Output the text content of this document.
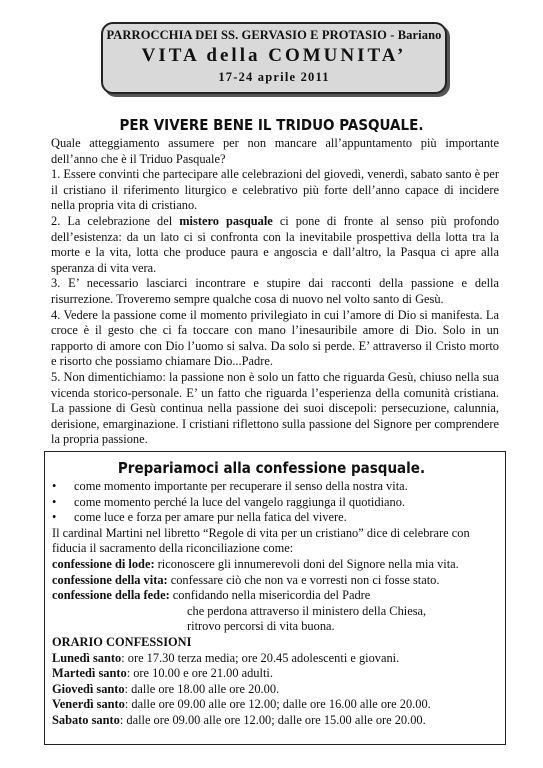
PARROCCHIA DEI SS. GERVASIO E PROTASIO - Bariano
VITA della COMUNITA’
17-24 aprile 2011
PER VIVERE BENE IL TRIDUO PASQUALE.
Quale atteggiamento assumere per non mancare all’appuntamento più importante dell’anno che è il Triduo Pasquale?
1. Essere convinti che partecipare alle celebrazioni del giovedì, venerdì, sabato santo è per il cristiano il riferimento liturgico e celebrativo più forte dell’anno capace di incidere nella propria vita di cristiano.
2. La celebrazione del mistero pasquale ci pone di fronte al senso più profondo dell’esistenza: da un lato ci si confronta con la inevitabile prospettiva della lotta tra la morte e la vita, lotta che produce paura e angoscia e dall’altro, la Pasqua ci apre alla speranza di vita vera.
3. E’ necessario lasciarci incontrare e stupire dai racconti della passione e della risurrezione. Troveremo sempre qualche cosa di nuovo nel volto santo di Gesù.
4. Vedere la passione come il momento privilegiato in cui l’amore di Dio si manifesta. La croce è il gesto che ci fa toccare con mano l’inesauribile amore di Dio. Solo in un rapporto di amore con Dio l’uomo si salva. Da solo si perde. E’ attraverso il Cristo morto e risorto che possiamo chiamare Dio...Padre.
5. Non dimentichiamo: la passione non è solo un fatto che riguarda Gesù, chiuso nella sua vicenda storico-personale. E’ un fatto che riguarda l’esperienza della comunità cristiana. La passione di Gesù continua nella passione dei suoi discepoli: persecuzione, calunnia, derisione, emarginazione. I cristiani riflettono sulla passione del Signore per comprendere la propria passione.
Prepariamoci alla confessione pasquale.
•	come momento importante per recuperare il senso della nostra vita.
•	come momento perché la luce del vangelo raggiunga il quotidiano.
•	come luce e forza per amare pur nella fatica del vivere.
Il cardinal Martini nel libretto “Regole di vita per un cristiano” dice di celebrare con fiducia il sacramento della riconciliazione come:
confessione di lode: riconoscere gli innumerevoli doni del Signore nella mia vita.
confessione della vita: confessare ciò che non va e vorresti non ci fosse stato.
confessione della fede: confidando nella misericordia del Padre
che perdona attraverso il ministero della Chiesa,
ritrovo percorsi di vita buona.
ORARIO CONFESSIONI
Lunedì santo: ore 17.30 terza media; ore 20.45 adolescenti e giovani.
Martedì santo: ore 10.00 e ore 21.00 adulti.
Giovedì santo: dalle ore 18.00 alle ore 20.00.
Venerdì santo: dalle ore 09.00 alle ore 12.00; dalle ore 16.00 alle ore 20.00.
Sabato santo: dalle ore 09.00 alle ore 12.00; dalle ore 15.00 alle ore 20.00.
